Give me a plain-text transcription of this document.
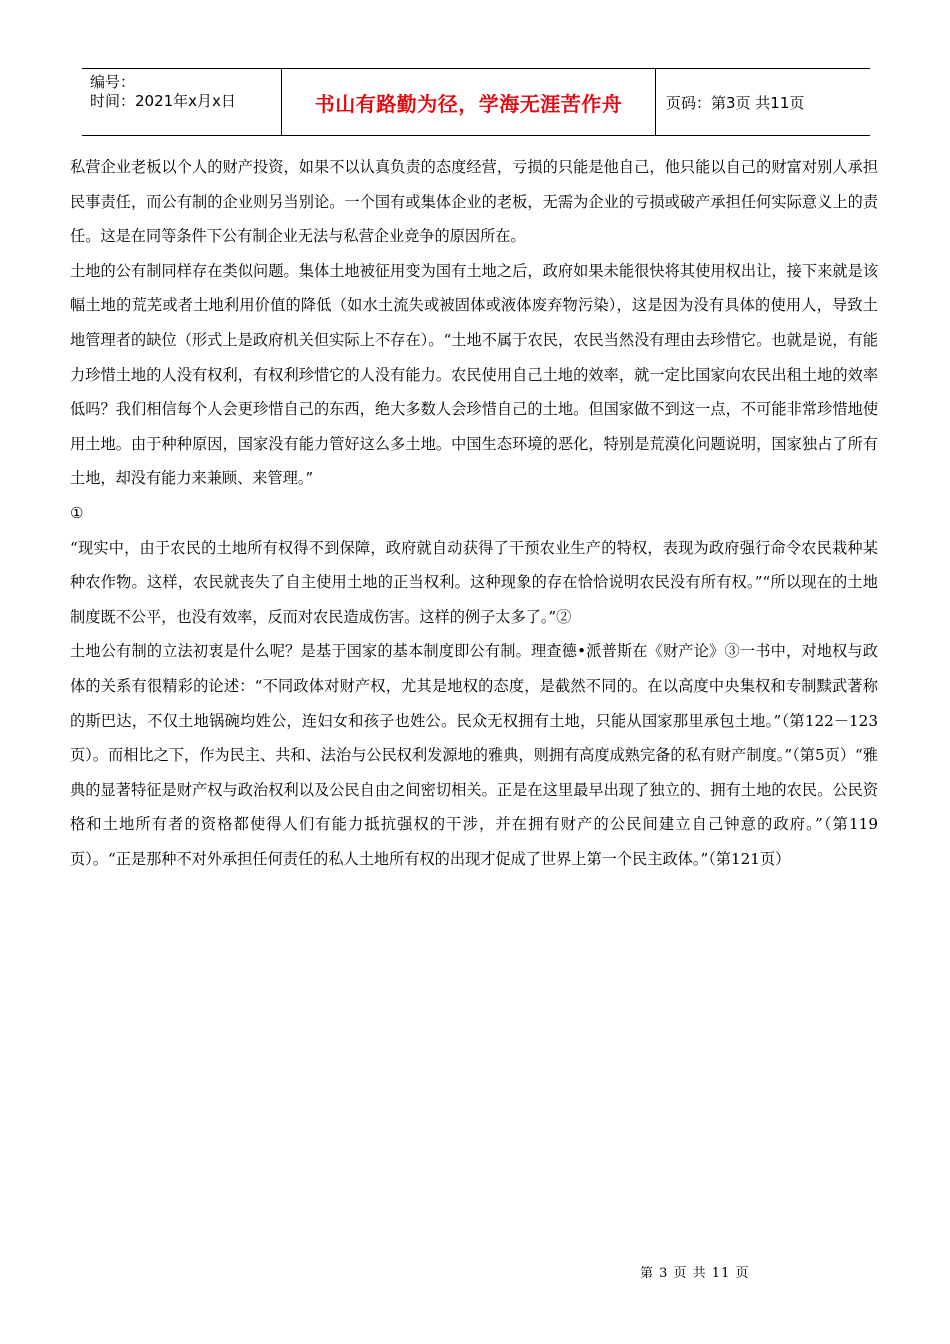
编号：
时间：2021年x月x日	书山有路勤为径，学海无涯苦作舟	页码：第3页 共11页

私营企业老板以个人的财产投资，如果不以认真负责的态度经营，亏损的只能是他自己，他只能以自己的财富对别人承担民事责任，而公有制的企业则另当别论。一个国有或集体企业的老板，无需为企业的亏损或破产承担任何实际意义上的责任。这是在同等条件下公有制企业无法与私营企业竞争的原因所在。

土地的公有制同样存在类似问题。集体土地被征用变为国有土地之后，政府如果未能很快将其使用权出让，接下来就是该幅土地的荒芜或者土地利用价值的降低（如水土流失或被固体或液体废弃物污染），这是因为没有具体的使用人，导致土地管理者的缺位（形式上是政府机关但实际上不存在）。“土地不属于农民，农民当然没有理由去珍惜它。也就是说，有能力珍惜土地的人没有权利，有权利珍惜它的人没有能力。农民使用自己土地的效率，就一定比国家向农民出租土地的效率低吗？我们相信每个人会更珍惜自己的东西，绝大多数人会珍惜自己的土地。但国家做不到这一点，不可能非常珍惜地使用土地。由于种种原因，国家没有能力管好这么多土地。中国生态环境的恶化，特别是荒漠化问题说明，国家独占了所有土地，却没有能力来兼顾、来管理。”

①

“现实中，由于农民的土地所有权得不到保障，政府就自动获得了干预农业生产的特权，表现为政府强行命令农民栽种某种农作物。这样，农民就丧失了自主使用土地的正当权利。这种现象的存在恰恰说明农民没有所有权。”“所以现在的土地制度既不公平，也没有效率，反而对农民造成伤害。这样的例子太多了。”②

土地公有制的立法初衷是什么呢？是基于国家的基本制度即公有制。理查德•派普斯在《财产论》③一书中，对地权与政体的关系有很精彩的论述：“不同政体对财产权，尤其是地权的态度，是截然不同的。在以高度中央集权和专制黩武著称的斯巴达，不仅土地锅碗均姓公，连妇女和孩子也姓公。民众无权拥有土地，只能从国家那里承包土地。”（第122－123页）。而相比之下，作为民主、共和、法治与公民权利发源地的雅典，则拥有高度成熟完备的私有财产制度。”（第5页）“雅典的显著特征是财产权与政治权利以及公民自由之间密切相关。正是在这里最早出现了独立的、拥有土地的农民。公民资格和土地所有者的资格都使得人们有能力抵抗强权的干涉，并在拥有财产的公民间建立自己钟意的政府。”（第119页）。“正是那种不对外承担任何责任的私人土地所有权的出现才促成了世界上第一个民主政体。”（第121页）

第 3 页 共 11 页
